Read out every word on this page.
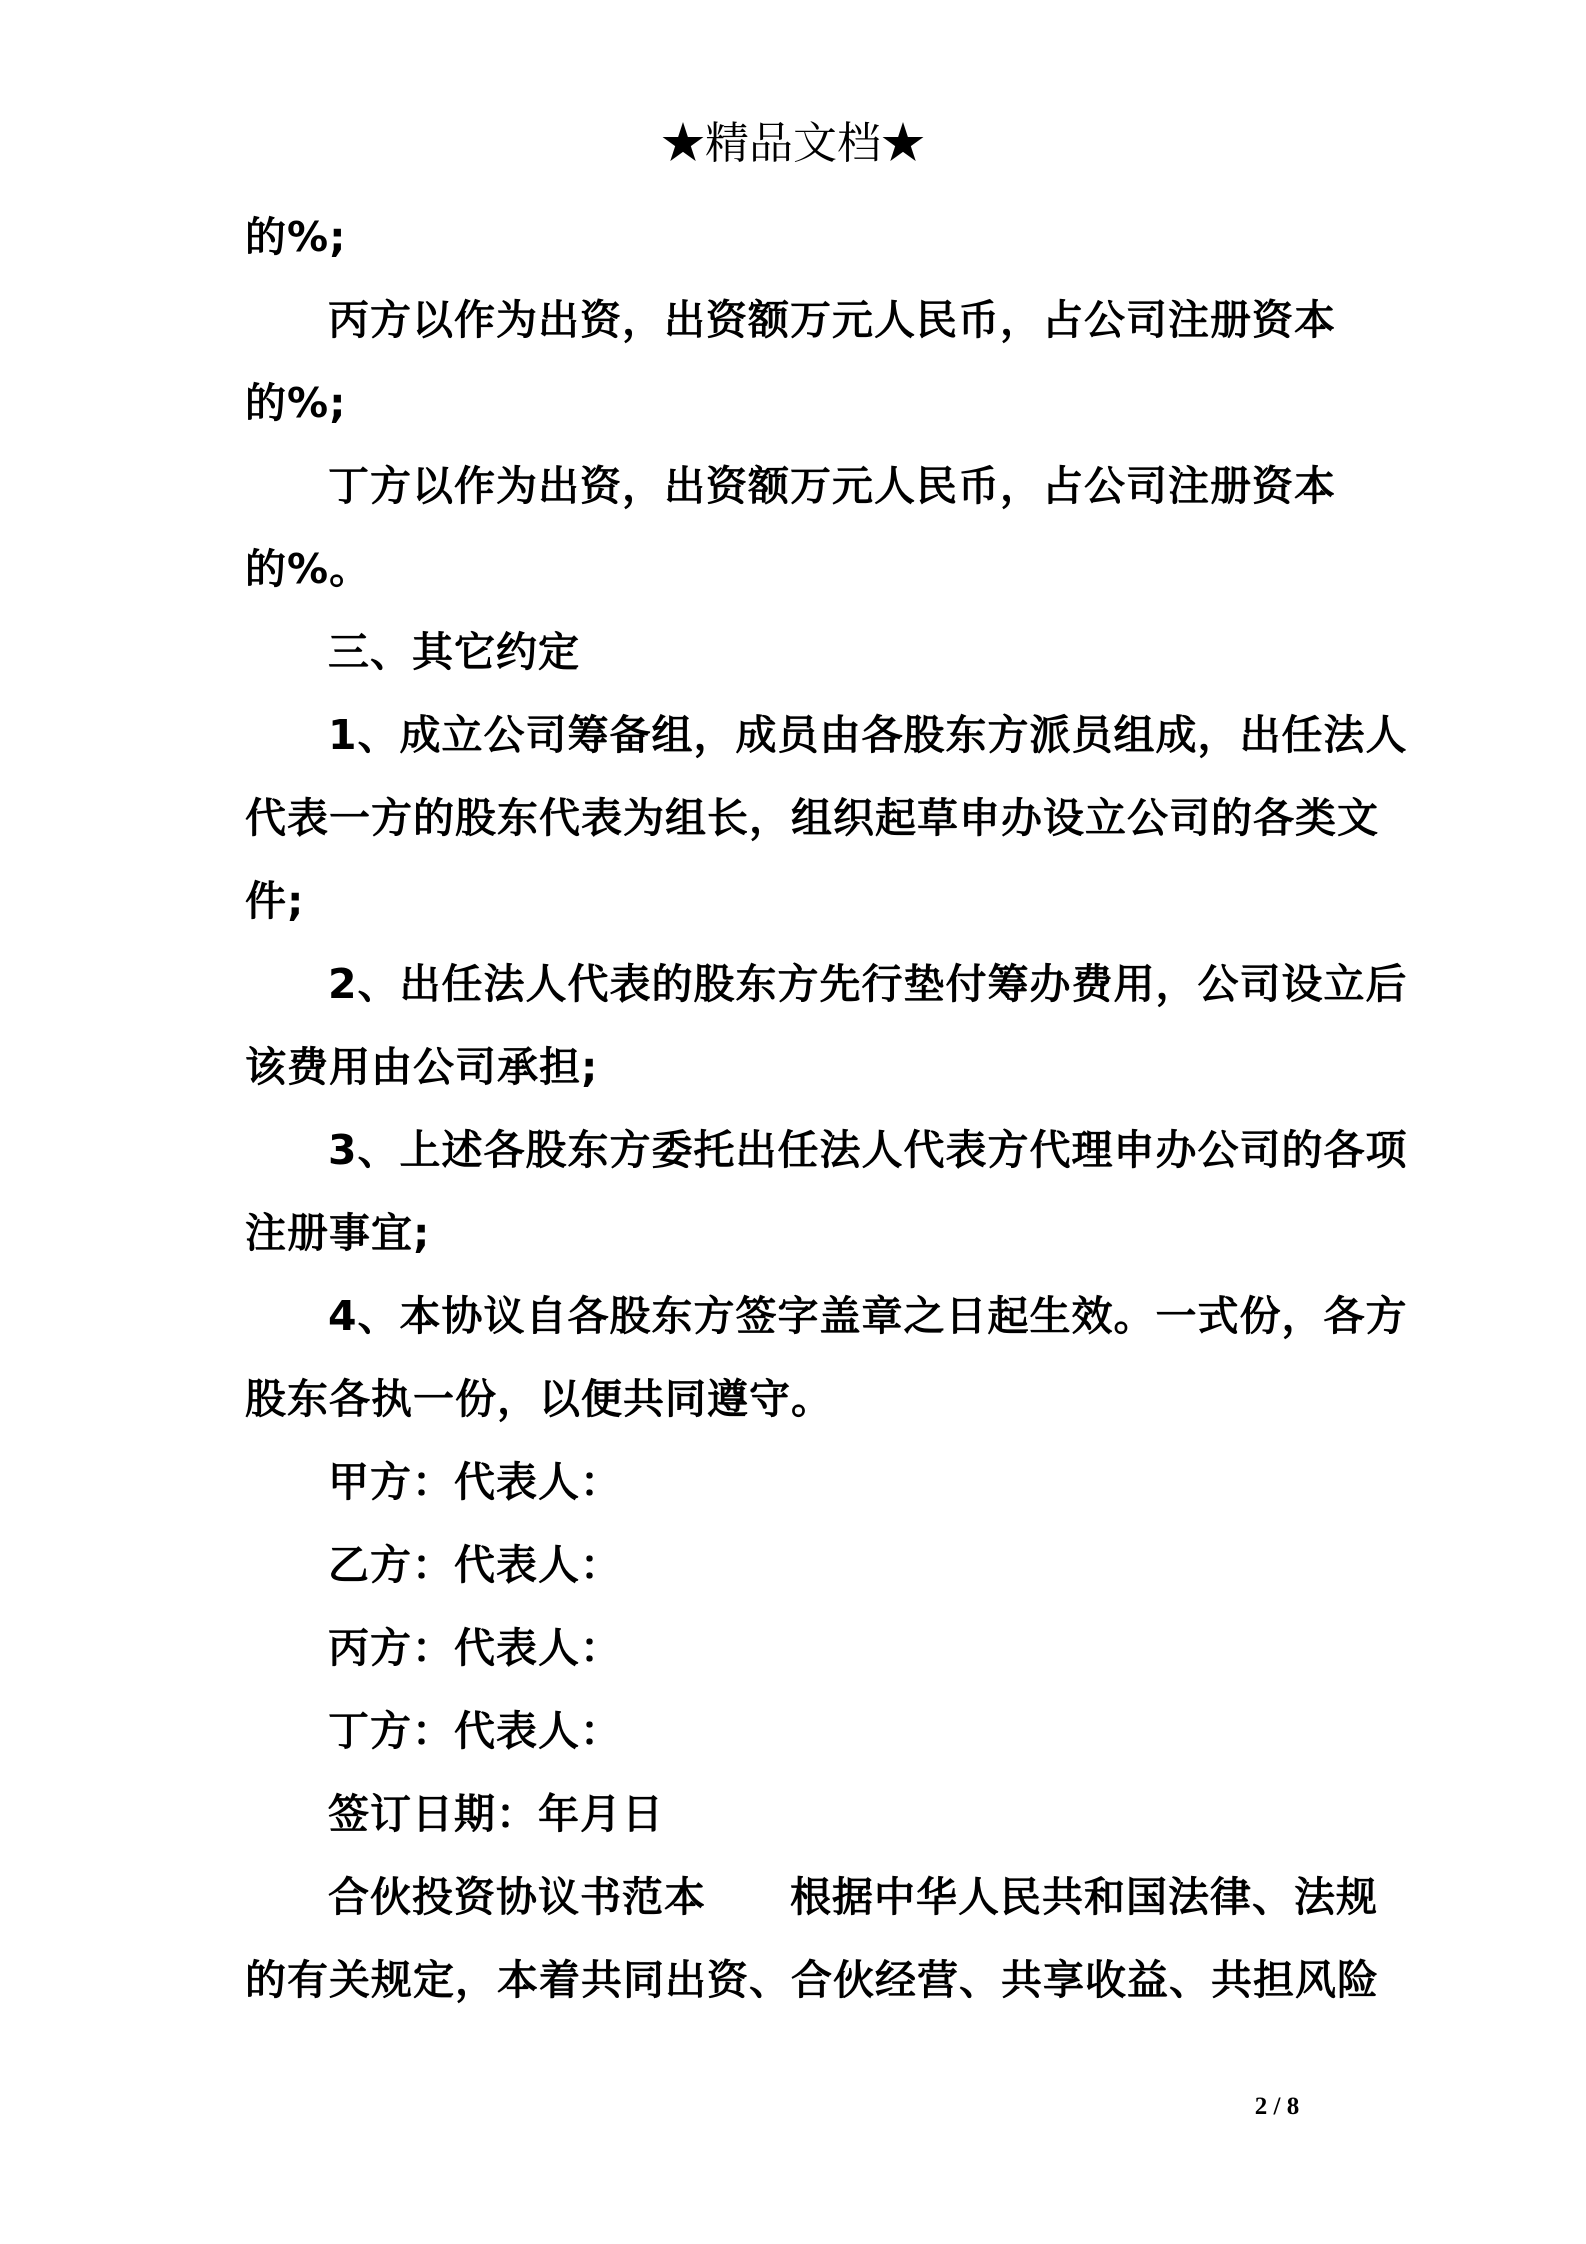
★精品文档★
的%;
丙方以作为出资，出资额万元人民币，占公司注册资本
的%;
丁方以作为出资，出资额万元人民币，占公司注册资本
的%。
三、其它约定
1、成立公司筹备组，成员由各股东方派员组成，出任法人
代表一方的股东代表为组长，组织起草申办设立公司的各类文
件;
2、出任法人代表的股东方先行垫付筹办费用，公司设立后
该费用由公司承担;
3、上述各股东方委托出任法人代表方代理申办公司的各项
注册事宜;
4、本协议自各股东方签字盖章之日起生效。一式份，各方
股东各执一份，以便共同遵守。
甲方：代表人：
乙方：代表人：
丙方：代表人：
丁方：代表人：
签订日期：年月日
合伙投资协议书范本 根据中华人民共和国法律、法规
的有关规定，本着共同出资、合伙经营、共享收益、共担风险
2 / 8
